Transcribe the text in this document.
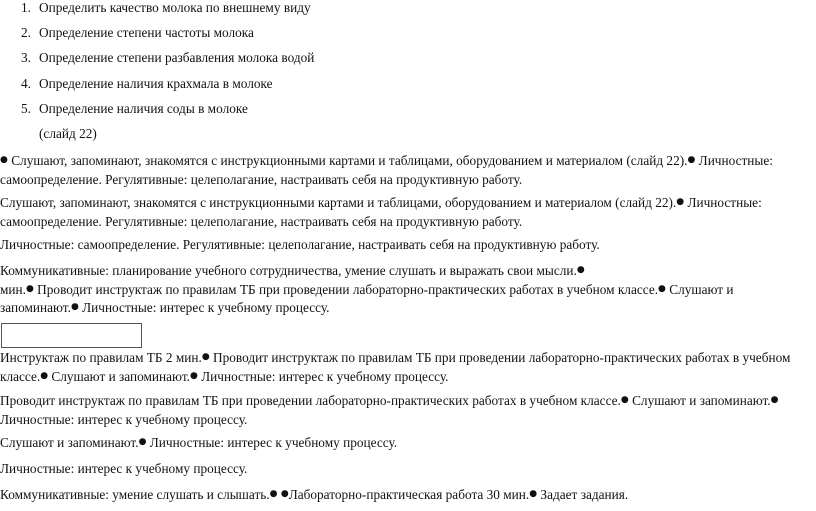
1. Определить качество молока по внешнему виду
2. Определение степени частоты молока
3. Определение степени разбавления молока водой
4. Определение наличия крахмала в молоке
5. Определение наличия соды в молоке
(слайд 22)
● Слушают, запоминают, знакомятся с инструкционными картами и таблицами, оборудованием и материалом (слайд 22).● Личностные: самоопределение. Регулятивные: целеполагание, настраивать себя на продуктивную работу.
Слушают, запоминают, знакомятся с инструкционными картами и таблицами, оборудованием и материалом (слайд 22).● Личностные: самоопределение. Регулятивные: целеполагание, настраивать себя на продуктивную работу.
Личностные: самоопределение. Регулятивные: целеполагание, настраивать себя на продуктивную работу.
Коммуникативные: планирование учебного сотрудничества, умение слушать и выражать свои мысли.●
мин.● Проводит инструктаж по правилам ТБ при проведении лабораторно-практических работах в учебном классе.● Слушают и запоминают.● Личностные: интерес к учебному процессу.
Инструктаж по правилам ТБ 2 мин.● Проводит инструктаж по правилам ТБ при проведении лабораторно-практических работах в учебном классе.● Слушают и запоминают.● Личностные: интерес к учебному процессу.
Проводит инструктаж по правилам ТБ при проведении лабораторно-практических работах в учебном классе.● Слушают и запоминают.● Личностные: интерес к учебному процессу.
Слушают и запоминают.● Личностные: интерес к учебному процессу.
Личностные: интерес к учебному процессу.
Коммуникативные: умение слушать и слышать.● ●Лабораторно-практическая работа 30 мин.● Задает задания.
